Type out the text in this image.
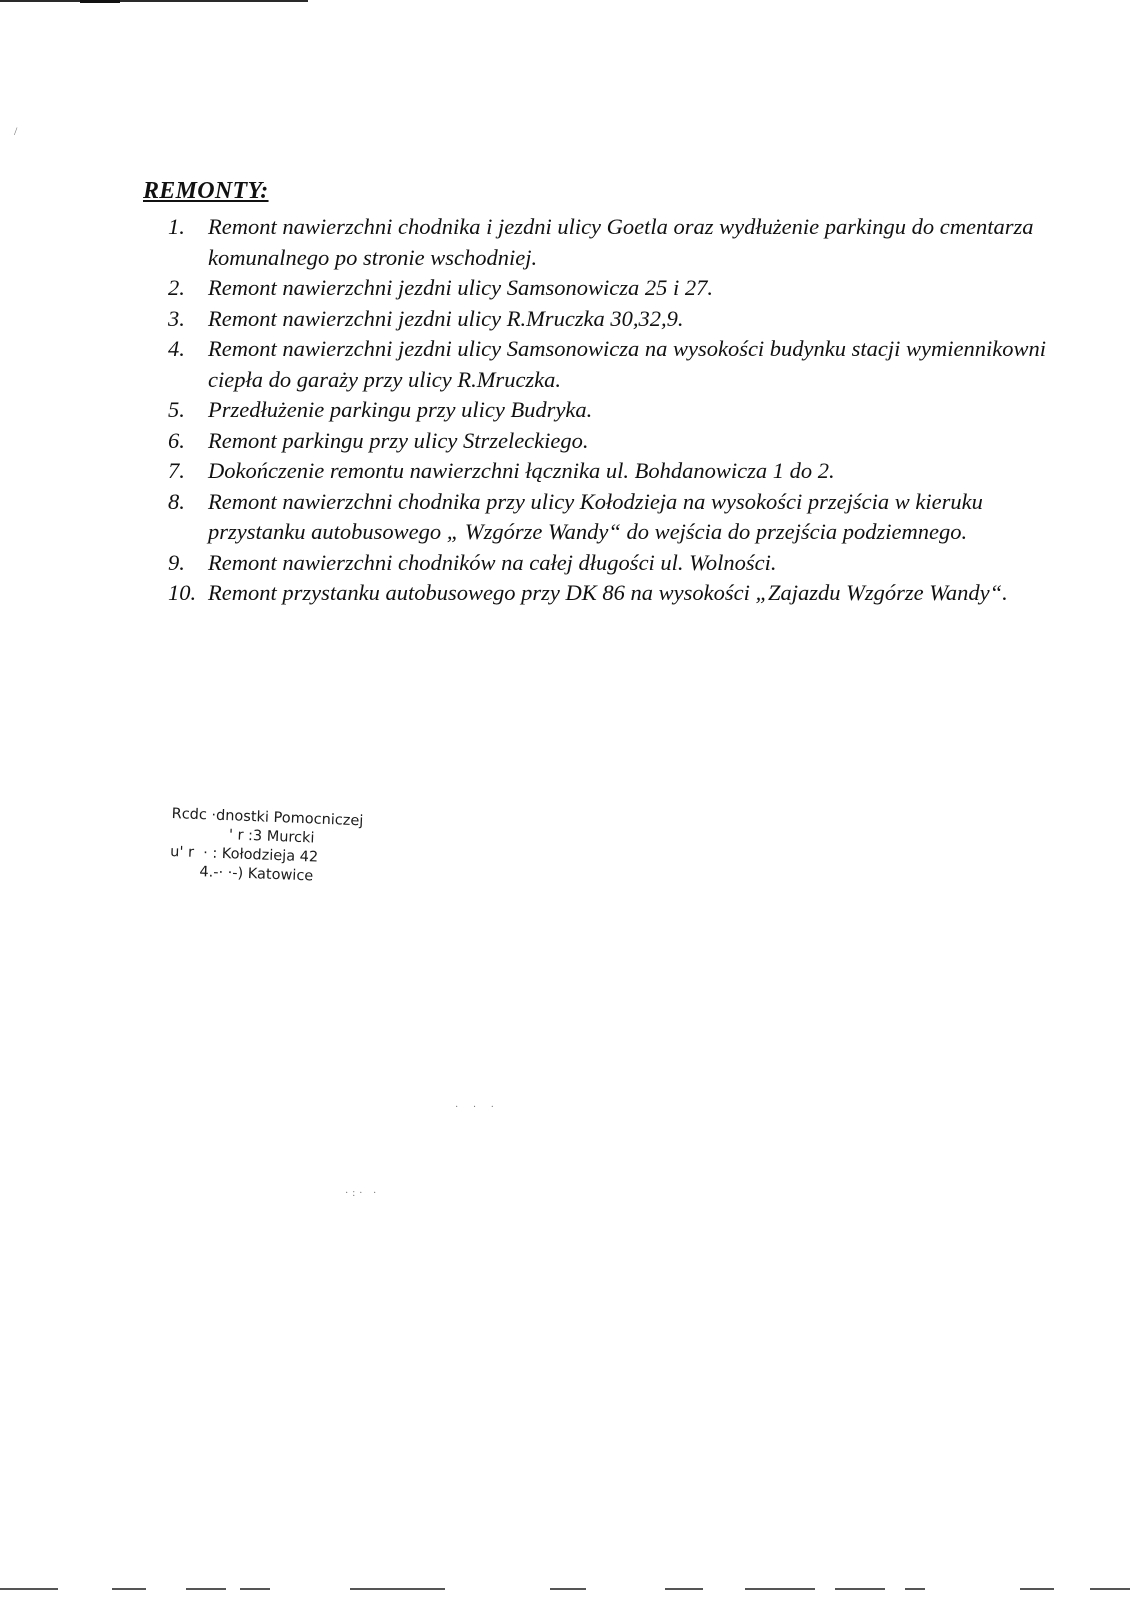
/
REMONTY:
1.	Remont nawierzchni chodnika i jezdni ulicy Goetla oraz wydłużenie parkingu do cmentarza komunalnego po stronie wschodniej.
2.	Remont nawierzchni jezdni ulicy Samsonowicza 25 i 27.
3.	Remont nawierzchni jezdni ulicy R.Mruczka 30,32,9.
4.	Remont nawierzchni jezdni ulicy Samsonowicza na wysokości budynku stacji wymiennikowni ciepła do garaży przy ulicy R.Mruczka.
5.	Przedłużenie parkingu przy ulicy Budryka.
6.	Remont parkingu przy ulicy Strzeleckiego.
7.	Dokończenie remontu nawierzchni łącznika ul. Bohdanowicza 1 do 2.
8.	Remont nawierzchni chodnika przy ulicy Kołodzieja na wysokości przejścia w kieruku przystanku autobusowego „ Wzgórze Wandy“ do wejścia do przejścia podziemnego.
9.	Remont nawierzchni chodników na całej długości ul. Wolności.
10. Remont przystanku autobusowego przy DK 86 na wysokości „Zajazdu Wzgórze Wandy“.
Rcdc ·dnostki Pomocniczej
' r :3 Murcki
u' r  · : Kołodzieja 42
4.-· ·-) Katowice
· · ·
·:· ·
